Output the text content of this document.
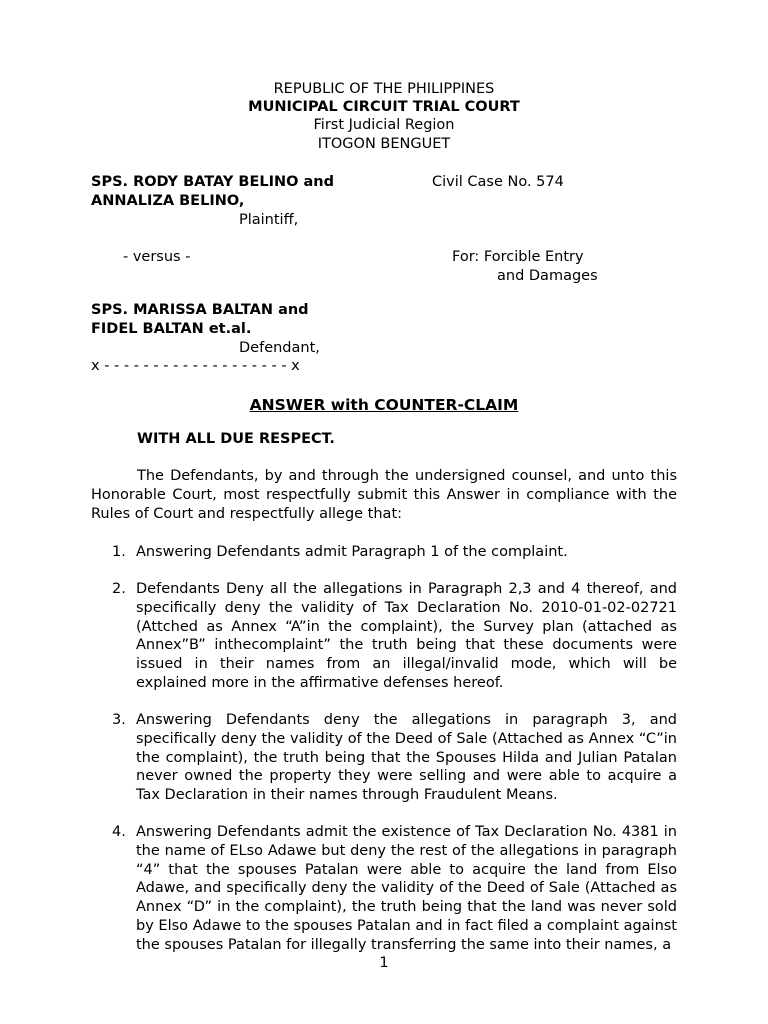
REPUBLIC OF THE PHILIPPINES
MUNICIPAL CIRCUIT TRIAL COURT
First Judicial Region
ITOGON BENGUET
SPS. RODY BATAY BELINO and
ANNALIZA BELINO,
Plaintiff,
Civil Case No. 574
- versus -	For: Forcible Entry
and Damages
SPS. MARISSA BALTAN and
FIDEL BALTAN et.al.
Defendant,
x - - - - - - - - - - - - - - - - - - - x
ANSWER with COUNTER-CLAIM
WITH ALL DUE RESPECT.
The Defendants, by and through the undersigned counsel, and unto this Honorable Court, most respectfully submit this Answer in compliance with the Rules of Court and respectfully allege that:
1. Answering Defendants admit Paragraph 1 of the complaint.
2. Defendants Deny all the allegations in Paragraph 2,3 and 4 thereof, and specifically deny the validity of Tax Declaration No. 2010-01-02-02721 (Attched as Annex “A”in the complaint), the Survey plan (attached as Annex”B” inthecomplaint” the truth being that these documents were issued in their names from an illegal/invalid mode, which will be explained more in the affirmative defenses hereof.
3. Answering Defendants deny the allegations in paragraph 3, and specifically deny the validity of the Deed of Sale (Attached as Annex “C”in the complaint), the truth being that the Spouses Hilda and Julian Patalan never owned the property they were selling and were able to acquire a Tax Declaration in their names through Fraudulent Means.
4. Answering Defendants admit the existence of Tax Declaration No. 4381 in the name of ELso Adawe but deny the rest of the allegations in paragraph “4” that the spouses Patalan were able to acquire the land from Elso Adawe, and specifically deny the validity of the Deed of Sale (Attached as Annex “D” in the complaint), the truth being that the land was never sold by Elso Adawe to the spouses Patalan and in fact filed a complaint against the spouses Patalan for illegally transferring the same into their names, a
1
